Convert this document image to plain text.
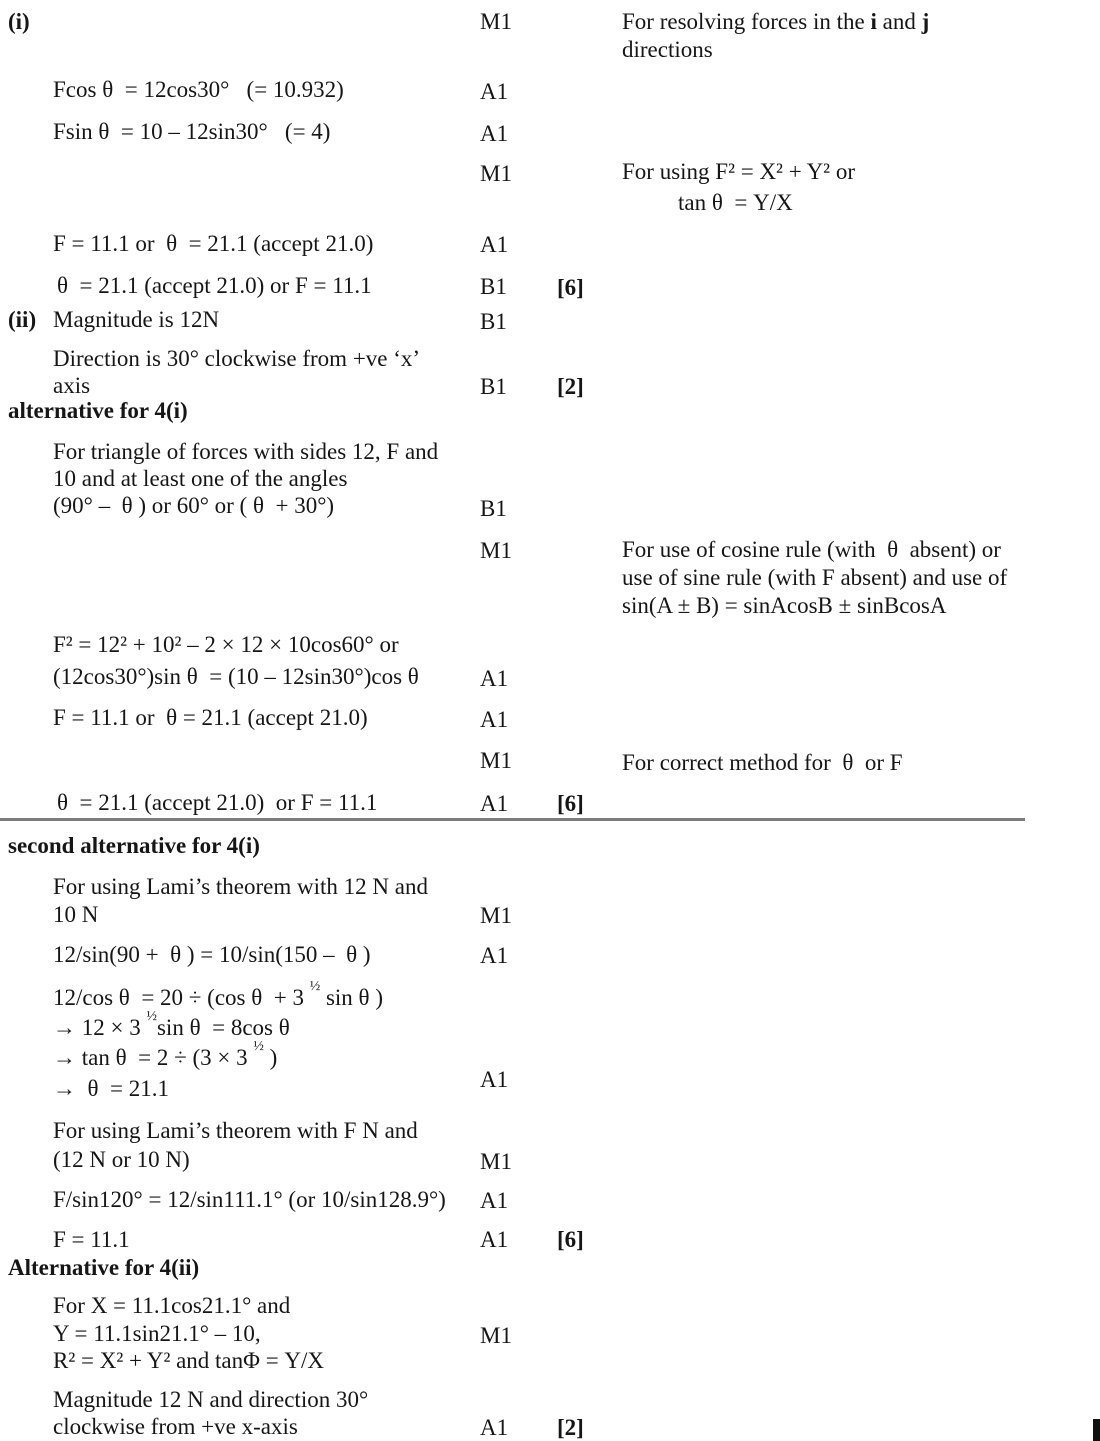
(i)	M1	For resolving forces in the i and j
directions
Fcos θ  = 12cos30°   (= 10.932)	A1
Fsin θ  = 10 – 12sin30°   (= 4)	A1
M1	For using F² = X² + Y² or
tan θ  = Y/X
F = 11.1 or  θ  = 21.1 (accept 21.0)	A1
θ  = 21.1 (accept 21.0) or F = 11.1	B1 [6]
(ii) Magnitude is 12N	B1
Direction is 30° clockwise from +ve ‘x’
axis	B1 [2]
alternative for 4(i)
For triangle of forces with sides 12, F and
10 and at least one of the angles
(90° –  θ ) or 60° or ( θ  + 30°)	B1
M1	For use of cosine rule (with  θ  absent) or
use of sine rule (with F absent) and use of
sin(A ± B) = sinAcosB ± sinBcosA
F² = 12² + 10² – 2 × 12 × 10cos60° or
(12cos30°)sin θ  = (10 – 12sin30°)cos θ	A1
F = 11.1 or  θ = 21.1 (accept 21.0)	A1
M1	For correct method for  θ  or F
θ  = 21.1 (accept 21.0)  or F = 11.1	A1 [6]
second alternative for 4(i)
For using Lami’s theorem with 12 N and
10 N	M1
12/sin(90 +  θ ) = 10/sin(150 –  θ )	A1
12/cos θ  = 20 ÷ (cos θ  + 3 $^{\frac{1}{2}}$ sin θ )
→ 12 × 3 $^{\frac{1}{2}}$sin θ  = 8cos θ
→ tan θ  = 2 ÷ (3 × 3 $^{\frac{1}{2}}$ )
A1
→  θ  = 21.1
For using Lami’s theorem with F N and
(12 N or 10 N)	M1
F/sin120° = 12/sin111.1° (or 10/sin128.9°) A1
F = 11.1	A1 [6]
Alternative for 4(ii)
For X = 11.1cos21.1° and
Y = 11.1sin21.1° – 10,
R² = X² + Y² and tanΦ = Y/X
M1
Magnitude 12 N and direction 30°
clockwise from +ve x-axis	A1 [2]
